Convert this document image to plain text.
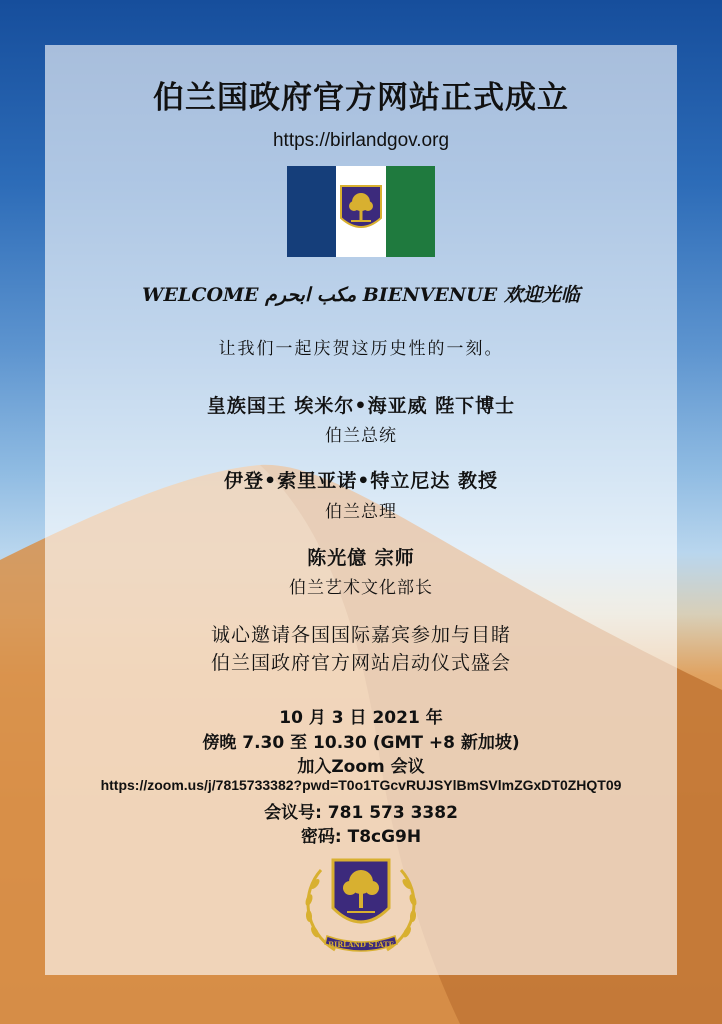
伯兰国政府官方网站正式成立
https://birlandgov.org
WELCOME مكب ابحرم BIENVENUE 欢迎光临
让我们一起庆贺这历史性的一刻。
皇族国王 埃米尔•海亚威 陛下博士
伯兰总统
伊登•索里亚诺•特立尼达 教授
伯兰总理
陈光億 宗师
伯兰艺术文化部长
诚心邀请各国国际嘉宾参加与目睹
伯兰国政府官方网站启动仪式盛会
10 月 3 日 2021 年
傍晚 7.30 至 10.30 (GMT +8 新加坡)
加入Zoom 会议
https://zoom.us/j/7815733382?pwd=T0o1TGcvRUJSYlBmSVlmZGxDT0ZHQT09
会议号: 781 573 3382
密码: T8cG9H
BIRLAND STATE
